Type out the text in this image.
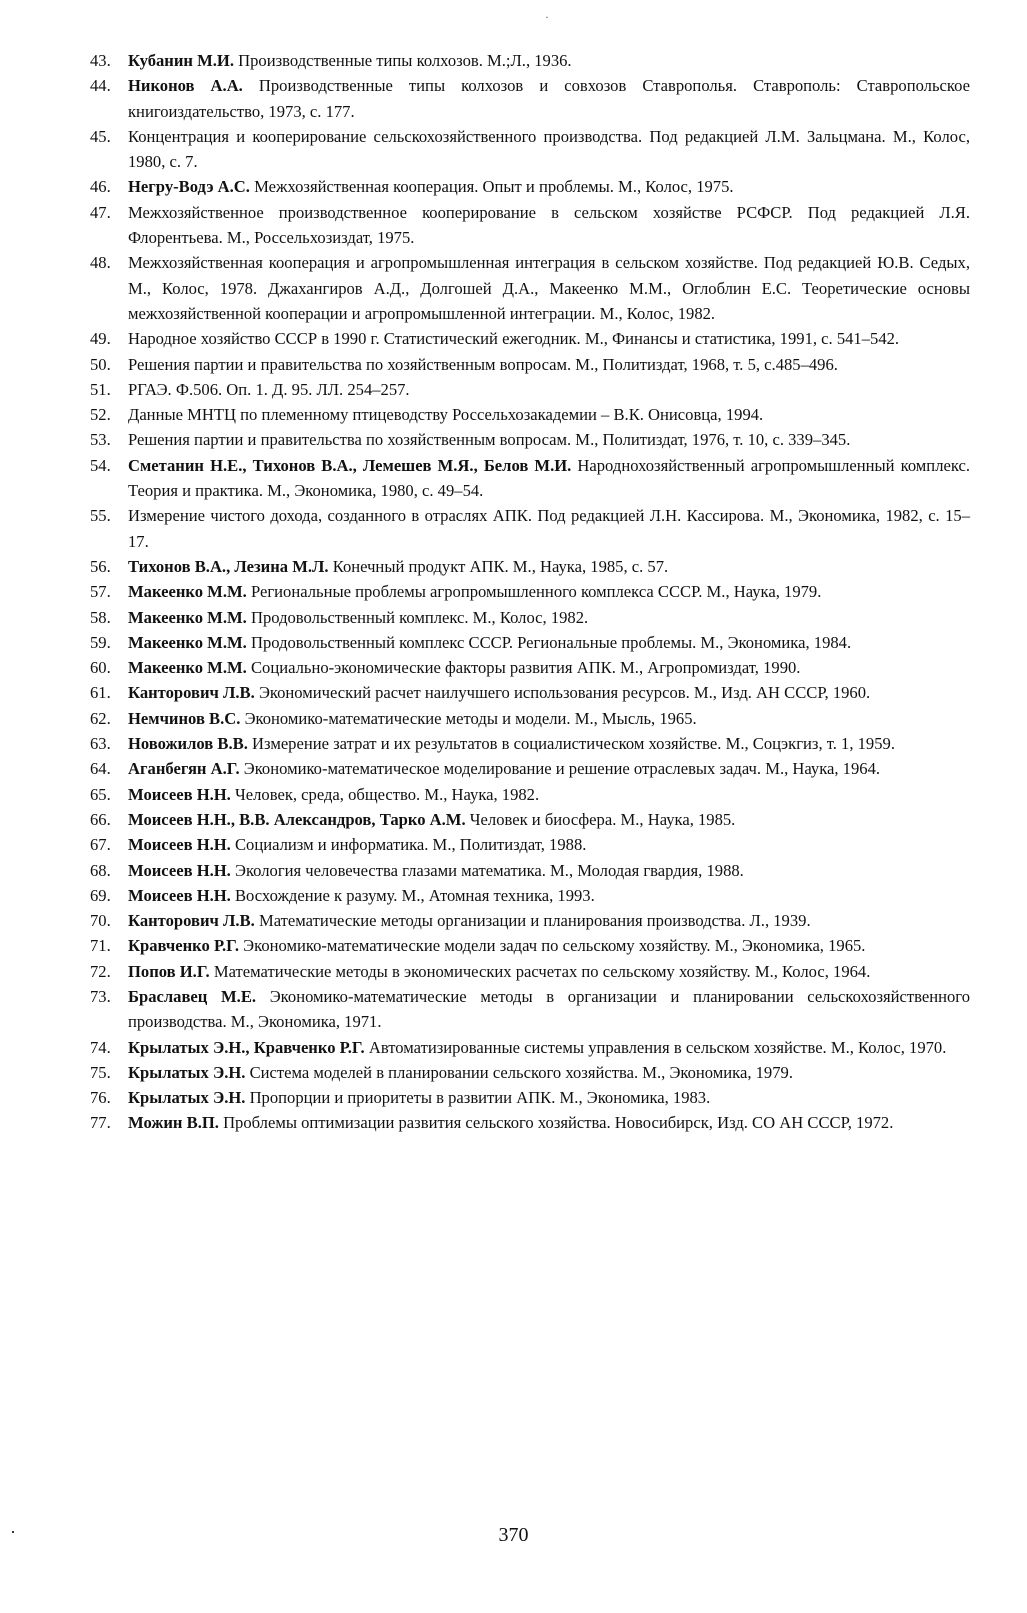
·
43.	Кубанин М.И. Производственные типы колхозов. М.;Л., 1936.
44.	Никонов А.А. Производственные типы колхозов и совхозов Ставрополья. Ставрополь: Ставропольское книгоиздательство, 1973, с. 177.
45.	Концентрация и кооперирование сельскохозяйственного производства. Под редакцией Л.М. Зальцмана. М., Колос, 1980, с. 7.
46.	Негру-Водэ А.С. Межхозяйственная кооперация. Опыт и проблемы. М., Колос, 1975.
47.	Межхозяйственное производственное кооперирование в сельском хозяйстве РСФСР. Под редакцией Л.Я. Флорентьева. М., Россельхозиздат, 1975.
48.	Межхозяйственная кооперация и агропромышленная интеграция в сельском хозяйстве. Под редакцией Ю.В. Седых, М., Колос, 1978. Джахангиров А.Д., Долгошей Д.А., Макеенко М.М., Оглоблин Е.С. Теоретические основы межхозяйственной кооперации и агропромышленной интеграции. М., Колос, 1982.
49.	Народное хозяйство СССР в 1990 г. Статистический ежегодник. М., Финансы и статистика, 1991, с. 541–542.
50.	Решения партии и правительства по хозяйственным вопросам. М., Политиздат, 1968, т. 5, с.485–496.
51.	РГАЭ. Ф.506. Оп. 1. Д. 95. ЛЛ. 254–257.
52.	Данные МНТЦ по племенному птицеводству Россельхозакадемии – В.К. Онисовца, 1994.
53.	Решения партии и правительства по хозяйственным вопросам. М., Политиздат, 1976, т. 10, с. 339–345.
54.	Сметанин Н.Е., Тихонов В.А., Лемешев М.Я., Белов М.И. Народнохозяйственный агропромышленный комплекс. Теория и практика. М., Экономика, 1980, с. 49–54.
55.	Измерение чистого дохода, созданного в отраслях АПК. Под редакцией Л.Н. Кассирова. М., Экономика, 1982, с. 15–17.
56.	Тихонов В.А., Лезина М.Л. Конечный продукт АПК. М., Наука, 1985, с. 57.
57.	Макеенко М.М. Региональные проблемы агропромышленного комплекса СССР. М., Наука, 1979.
58.	Макеенко М.М. Продовольственный комплекс. М., Колос, 1982.
59.	Макеенко М.М. Продовольственный комплекс СССР. Региональные проблемы. М., Экономика, 1984.
60.	Макеенко М.М. Социально-экономические факторы развития АПК. М., Агропромиздат, 1990.
61.	Канторович Л.В. Экономический расчет наилучшего использования ресурсов. М., Изд. АН СССР, 1960.
62.	Немчинов В.С. Экономико-математические методы и модели. М., Мысль, 1965.
63.	Новожилов В.В. Измерение затрат и их результатов в социалистическом хозяйстве. М., Соцэкгиз, т. 1, 1959.
64.	Аганбегян А.Г. Экономико-математическое моделирование и решение отраслевых задач. М., Наука, 1964.
65.	Моисеев Н.Н. Человек, среда, общество. М., Наука, 1982.
66.	Моисеев Н.Н., В.В. Александров, Тарко А.М. Человек и биосфера. М., Наука, 1985.
67.	Моисеев Н.Н. Социализм и информатика. М., Политиздат, 1988.
68.	Моисеев Н.Н. Экология человечества глазами математика. М., Молодая гвардия, 1988.
69.	Моисеев Н.Н. Восхождение к разуму. М., Атомная техника, 1993.
70.	Канторович Л.В. Математические методы организации и планирования производства. Л., 1939.
71.	Кравченко Р.Г. Экономико-математические модели задач по сельскому хозяйству. М., Экономика, 1965.
72.	Попов И.Г. Математические методы в экономических расчетах по сельскому хозяйству. М., Колос, 1964.
73.	Браславец М.Е. Экономико-математические методы в организации и планировании сельскохозяйственного производства. М., Экономика, 1971.
74.	Крылатых Э.Н., Кравченко Р.Г. Автоматизированные системы управления в сельском хозяйстве. М., Колос, 1970.
75.	Крылатых Э.Н. Система моделей в планировании сельского хозяйства. М., Экономика, 1979.
76.	Крылатых Э.Н. Пропорции и приоритеты в развитии АПК. М., Экономика, 1983.
77.	Можин В.П. Проблемы оптимизации развития сельского хозяйства. Новосибирск, Изд. СО АН СССР, 1972.
·	370
